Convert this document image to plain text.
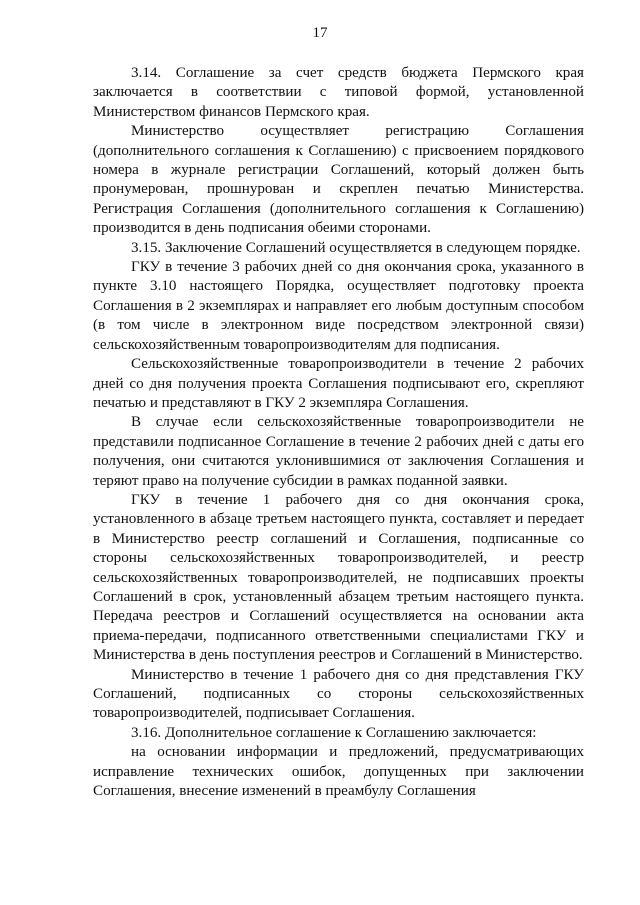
17

3.14. Соглашение за счет средств бюджета Пермского края заключается в соответствии с типовой формой, установленной Министерством финансов Пермского края.

Министерство осуществляет регистрацию Соглашения (дополнительного соглашения к Соглашению) с присвоением порядкового номера в журнале регистрации Соглашений, который должен быть пронумерован, прошнурован и скреплен печатью Министерства. Регистрация Соглашения (дополнительного соглашения к Соглашению) производится в день подписания обеими сторонами.

3.15. Заключение Соглашений осуществляется в следующем порядке.

ГКУ в течение 3 рабочих дней со дня окончания срока, указанного в пункте 3.10 настоящего Порядка, осуществляет подготовку проекта Соглашения в 2 экземплярах и направляет его любым доступным способом (в том числе в электронном виде посредством электронной связи) сельскохозяйственным товаропроизводителям для подписания.

Сельскохозяйственные товаропроизводители в течение 2 рабочих дней со дня получения проекта Соглашения подписывают его, скрепляют печатью и представляют в ГКУ 2 экземпляра Соглашения.

В случае если сельскохозяйственные товаропроизводители не представили подписанное Соглашение в течение 2 рабочих дней с даты его получения, они считаются уклонившимися от заключения Соглашения и теряют право на получение субсидии в рамках поданной заявки.

ГКУ в течение 1 рабочего дня со дня окончания срока, установленного в абзаце третьем настоящего пункта, составляет и передает в Министерство реестр соглашений и Соглашения, подписанные со стороны сельскохозяйственных товаропроизводителей, и реестр сельскохозяйственных товаропроизводителей, не подписавших проекты Соглашений в срок, установленный абзацем третьим настоящего пункта. Передача реестров и Соглашений осуществляется на основании акта приема-передачи, подписанного ответственными специалистами ГКУ и Министерства в день поступления реестров и Соглашений в Министерство.

Министерство в течение 1 рабочего дня со дня представления ГКУ Соглашений, подписанных со стороны сельскохозяйственных товаропроизводителей, подписывает Соглашения.

3.16. Дополнительное соглашение к Соглашению заключается:

на основании информации и предложений, предусматривающих исправление технических ошибок, допущенных при заключении Соглашения, внесение изменений в преамбулу Соглашения
